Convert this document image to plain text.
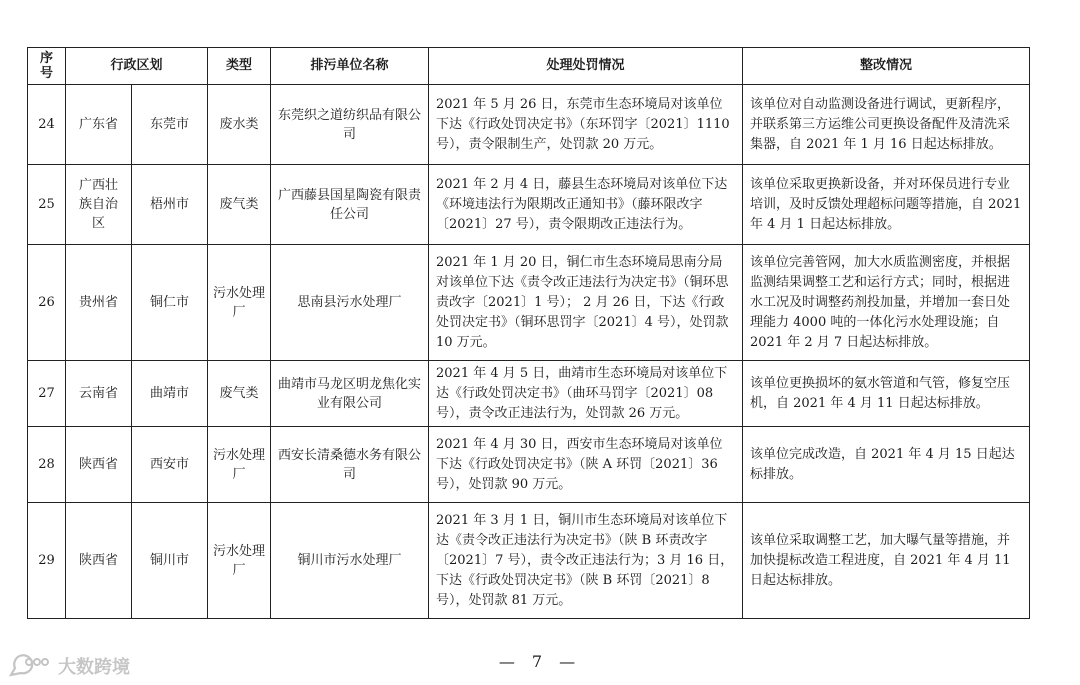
序号	行政区划		类型	排污单位名称	处理处罚情况	整改情况
24	广东省	东莞市	废水类	东莞织之道纺织品有限公司	2021 年 5 月 26 日，东莞市生态环境局对该单位下达《行政处罚决定书》（东环罚字〔2021〕1110 号），责令限制生产，处罚款 20 万元。	该单位对自动监测设备进行调试，更新程序，并联系第三方运维公司更换设备配件及清洗采集器，自 2021 年 1 月 16 日起达标排放。
25	广西壮族自治区	梧州市	废气类	广西藤县国星陶瓷有限责任公司	2021 年 2 月 4 日，藤县生态环境局对该单位下达《环境违法行为限期改正通知书》（藤环限改字〔2021〕27 号），责令限期改正违法行为。	该单位采取更换新设备，并对环保员进行专业培训，及时反馈处理超标问题等措施，自 2021 年 4 月 1 日起达标排放。
26	贵州省	铜仁市	污水处理厂	思南县污水处理厂	2021 年 1 月 20 日，铜仁市生态环境局思南分局对该单位下达《责令改正违法行为决定书》（铜环思责改字〔2021〕1 号）； 2 月 26 日，下达《行政处罚决定书》（铜环思罚字〔2021〕4 号），处罚款 10 万元。	该单位完善管网，加大水质监测密度，并根据监测结果调整工艺和运行方式；同时，根据进水工况及时调整药剂投加量，并增加一套日处理能力 4000 吨的一体化污水处理设施；自 2021 年 2 月 7 日起达标排放。
27	云南省	曲靖市	废气类	曲靖市马龙区明龙焦化实业有限公司	2021 年 4 月 5 日，曲靖市生态环境局对该单位下达《行政处罚决定书》（曲环马罚字〔2021〕08 号），责令改正违法行为，处罚款 26 万元。	该单位更换损坏的氨水管道和气管，修复空压机，自 2021 年 4 月 11 日起达标排放。
28	陕西省	西安市	污水处理厂	西安长清桑德水务有限公司	2021 年 4 月 30 日，西安市生态环境局对该单位下达《行政处罚决定书》（陕 A 环罚〔2021〕36 号），处罚款 90 万元。	该单位完成改造，自 2021 年 4 月 15 日起达标排放。
29	陕西省	铜川市	污水处理厂	铜川市污水处理厂	2021 年 3 月 1 日，铜川市生态环境局对该单位下达《责令改正违法行为决定书》（陕 B 环责改字〔2021〕7 号），责令改正违法行为；3 月 16 日，下达《行政处罚决定书》（陕 B 环罚〔2021〕8 号），处罚款 81 万元。	该单位采取调整工艺，加大曝气量等措施，并加快提标改造工程进度，自 2021 年 4 月 11 日起达标排放。
大数跨境	— 7 —
